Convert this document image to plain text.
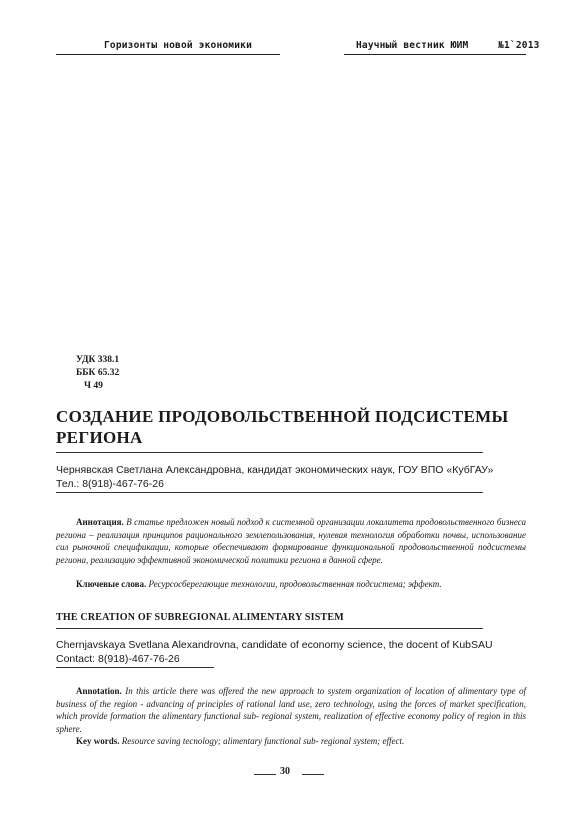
Горизонты новой экономики	Научный вестник ЮИМ	№1`2013
УДК 338.1
ББК 65.32
Ч 49
СОЗДАНИЕ ПРОДОВОЛЬСТВЕННОЙ ПОДСИСТЕМЫ
РЕГИОНА
Чернявская Светлана Александровна, кандидат экономических наук, ГОУ ВПО «КубГАУ»
Тел.: 8(918)-467-76-26
Аннотация. В статье предложен новый подход к системной организации локалитета продовольственного бизнеса региона – реализация принципов рационального землепользования, нулевая технология обработки почвы, использование сил рыночной спецификации, которые обеспечивают формирование функциональной продовольственной подсистемы региона, реализацию эффективной экономической политики региона в данной сфере.
Ключевые слова. Ресурсосберегающие технологии, продовольственная подсистема; эффект.
THE CREATION OF SUBREGIONAL ALIMENTARY SISTEM
Chernjavskaya Svetlana Alexandrovna, candidate of economy science, the docent of KubSAU
Contact: 8(918)-467-76-26
Annotation. In this article there was offered the new approach to system organization of location of alimentary type of business of the region - advancing of principles of rational land use, zero technology, using the forces of market specification, which provide formation the alimentary functional sub- regional system, realization of effective economy policy of region in this sphere.
Key words. Resource saving tecnology; alimentary functional sub- regional system; effect.
30
